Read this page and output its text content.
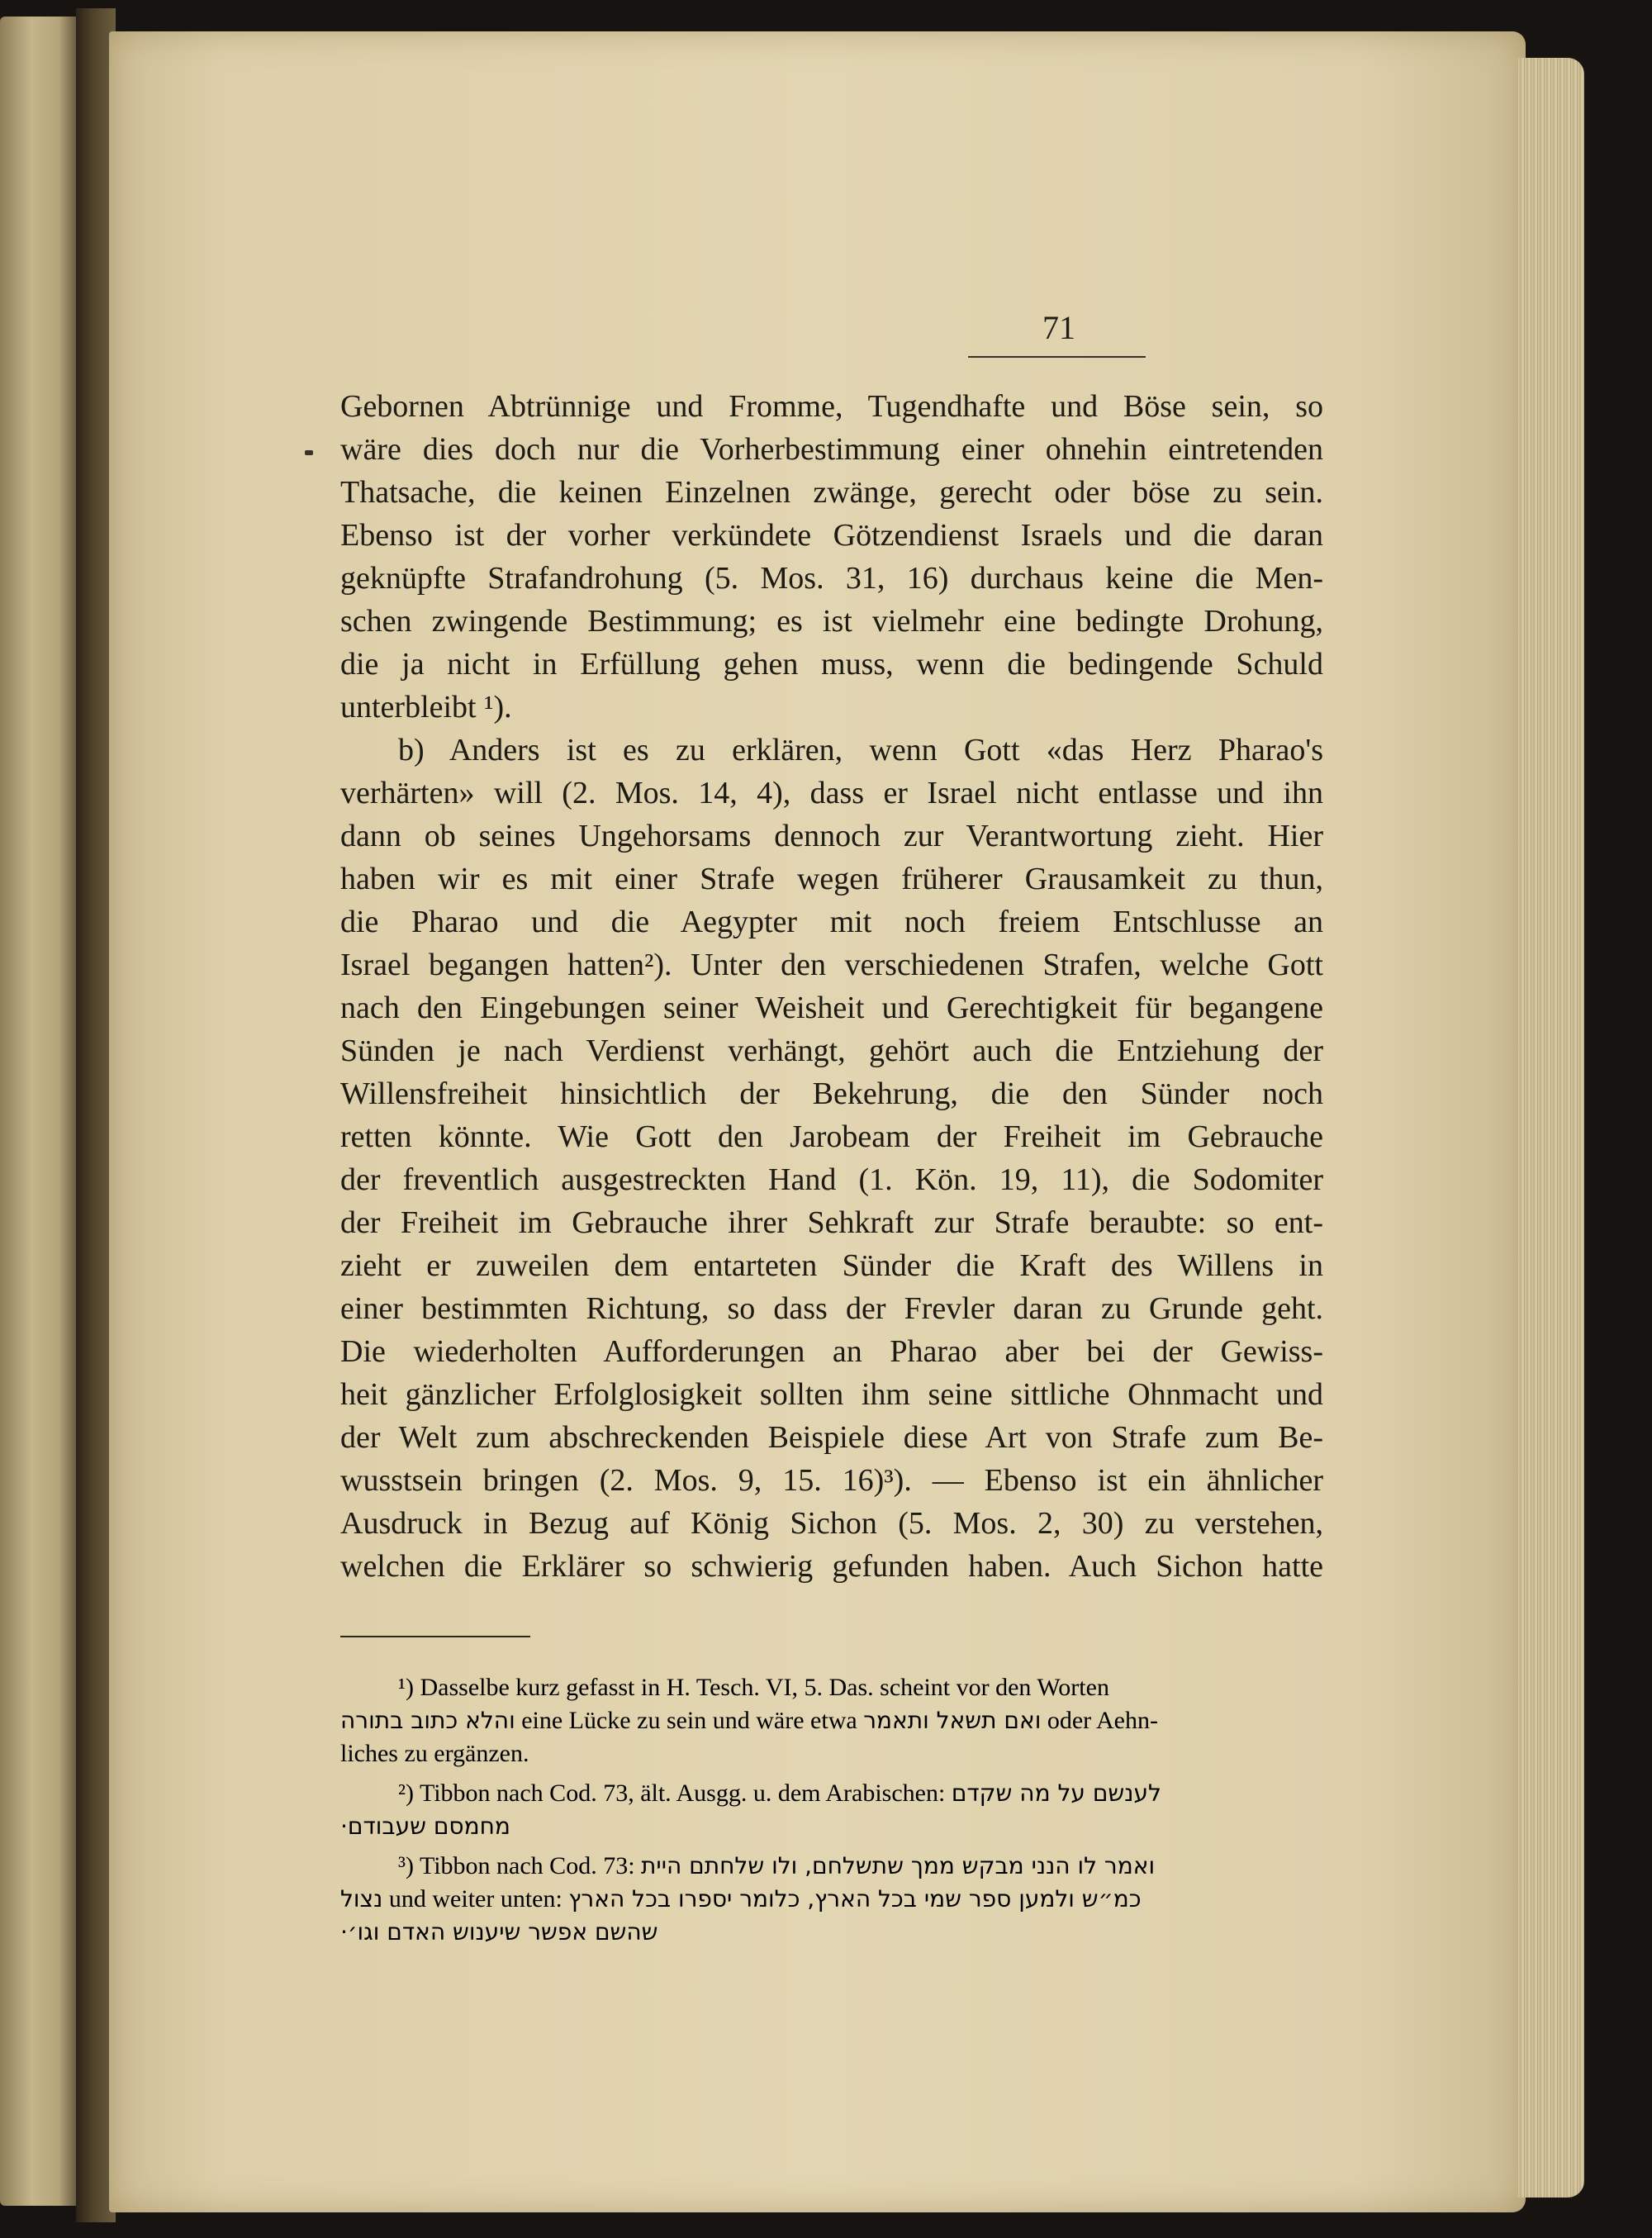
71
Gebornen Abtrünnige und Fromme, Tugendhafte und Böse sein, so
wäre dies doch nur die Vorherbestimmung einer ohnehin eintretenden
Thatsache, die keinen Einzelnen zwänge, gerecht oder böse zu sein.
Ebenso ist der vorher verkündete Götzendienst Israels und die daran
geknüpfte Strafandrohung (5. Mos. 31, 16) durchaus keine die Men-
schen zwingende Bestimmung; es ist vielmehr eine bedingte Drohung,
die ja nicht in Erfüllung gehen muss, wenn die bedingende Schuld
unterbleibt ¹).
b) Anders ist es zu erklären, wenn Gott «das Herz Pharao's
verhärten» will (2. Mos. 14, 4), dass er Israel nicht entlasse und ihn
dann ob seines Ungehorsams dennoch zur Verantwortung zieht. Hier
haben wir es mit einer Strafe wegen früherer Grausamkeit zu thun,
die Pharao und die Aegypter mit noch freiem Entschlusse an
Israel begangen hatten²). Unter den verschiedenen Strafen, welche Gott
nach den Eingebungen seiner Weisheit und Gerechtigkeit für begangene
Sünden je nach Verdienst verhängt, gehört auch die Entziehung der
Willensfreiheit hinsichtlich der Bekehrung, die den Sünder noch
retten könnte. Wie Gott den Jarobeam der Freiheit im Gebrauche
der freventlich ausgestreckten Hand (1. Kön. 19, 11), die Sodomiter
der Freiheit im Gebrauche ihrer Sehkraft zur Strafe beraubte: so ent-
zieht er zuweilen dem entarteten Sünder die Kraft des Willens in
einer bestimmten Richtung, so dass der Frevler daran zu Grunde geht.
Die wiederholten Aufforderungen an Pharao aber bei der Gewiss-
heit gänzlicher Erfolglosigkeit sollten ihm seine sittliche Ohnmacht und
der Welt zum abschreckenden Beispiele diese Art von Strafe zum Be-
wusstsein bringen (2. Mos. 9, 15. 16)³). — Ebenso ist ein ähnlicher
Ausdruck in Bezug auf König Sichon (5. Mos. 2, 30) zu verstehen,
welchen die Erklärer so schwierig gefunden haben. Auch Sichon hatte
¹) Dasselbe kurz gefasst in H. Tesch. VI, 5. Das. scheint vor den Worten
והלא כתוב בתורה eine Lücke zu sein und wäre etwa ואם תשאל ותאמר oder Aehn-
liches zu ergänzen.
²) Tibbon nach Cod. 73, ält. Ausgg. u. dem Arabischen: לענשם על מה שקדם
מחמסם שעבודם·
³) Tibbon nach Cod. 73: ואמר לו הנני מבקש ממך שתשלחם, ולו שלחתם היית
נצול und weiter unten: כמ״ש ולמען ספר שמי בכל הארץ, כלומר יספרו בכל הארץ
שהשם אפשר שיענוש האדם וגו׳·
